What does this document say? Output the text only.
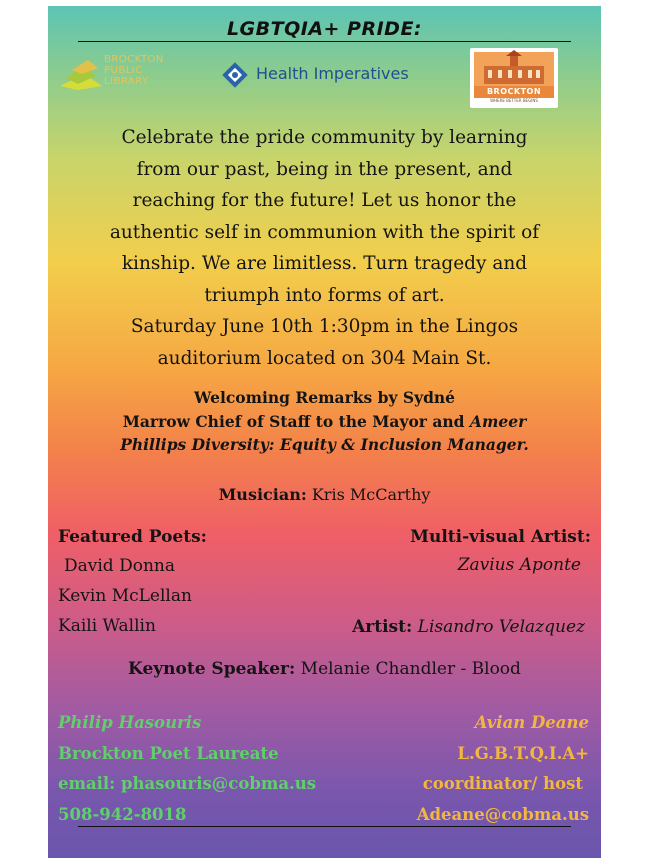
LGBTQIA+ PRIDE:
BROCKTON
PUBLIC
LIBRARY	Health Imperatives
BROCKTON
WHERE BETTER BEGINS

Celebrate the pride community by learning

from our past, being in the present, and

reaching for the future! Let us honor the

authentic self in communion with the spirit of

kinship. We are limitless. Turn tragedy and

triumph into forms of art.

Saturday June 10th 1:30pm in the Lingos

auditorium located on 304 Main St.

Welcoming Remarks by Sydné

Marrow Chief of Staff to the Mayor and Ameer

Phillips Diversity: Equity & Inclusion Manager.

Musician: Kris McCarthy
Featured Poets:
David Donna
Kevin McLellan
Kaili Wallin
Multi-visual Artist:
Zavius Aponte
Artist: Lisandro Velazquez
Keynote Speaker: Melanie Chandler - Blood
Philip Hasouris
Brockton Poet Laureate
email: phasouris@cobma.us
508-942-8018
Avian Deane
L.G.B.T.Q.I.A+
coordinator/ host
Adeane@cobma.us
